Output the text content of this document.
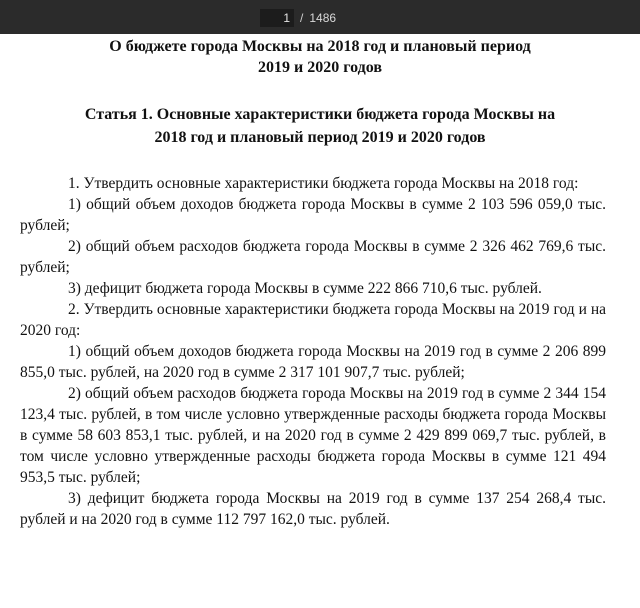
1
/ 1486
О бюджете города Москвы на 2018 год и плановый период
2019 и 2020 годов
Статья 1. Основные характеристики бюджета города Москвы на
2018 год и плановый период 2019 и 2020 годов

1. Утвердить основные характеристики бюджета города Москвы на 2018 год:

1) общий объем доходов бюджета города Москвы в сумме 2 103 596 059,0 тыс. рублей;

2) общий объем расходов бюджета города Москвы в сумме 2 326 462 769,6 тыс. рублей;

3) дефицит бюджета города Москвы в сумме 222 866 710,6 тыс. рублей.

2. Утвердить основные характеристики бюджета города Москвы на 2019 год и на 2020 год:

1) общий объем доходов бюджета города Москвы на 2019 год в сумме 2 206 899 855,0 тыс. рублей, на 2020 год в сумме 2 317 101 907,7 тыс. рублей;

2) общий объем расходов бюджета города Москвы на 2019 год в сумме 2 344 154 123,4 тыс. рублей, в том числе условно утвержденные расходы бюджета города Москвы в сумме 58 603 853,1 тыс. рублей, и на 2020 год в сумме 2 429 899 069,7 тыс. рублей, в том числе условно утвержденные расходы бюджета города Москвы в сумме 121 494 953,5 тыс. рублей;

3) дефицит бюджета города Москвы на 2019 год в сумме 137 254 268,4 тыс. рублей и на 2020 год в сумме 112 797 162,0 тыс. рублей.
